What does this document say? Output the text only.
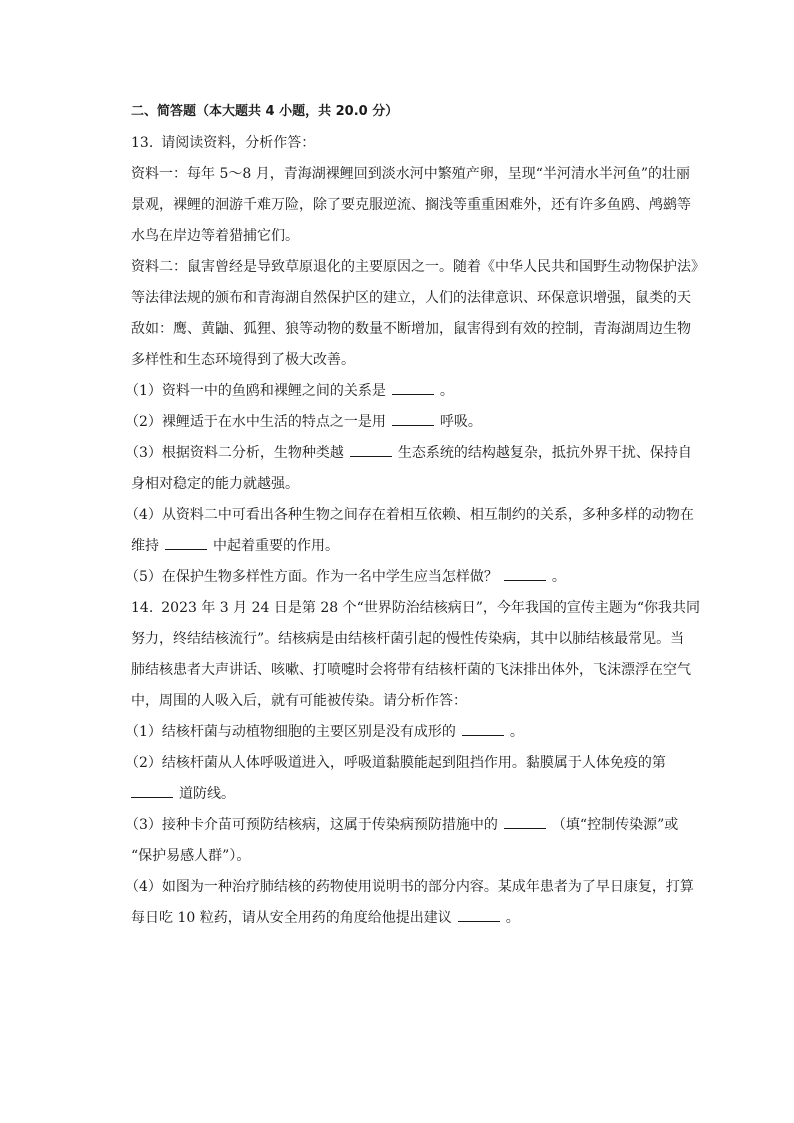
二、简答题（本大题共 4 小题，共 20.0 分）
13. 请阅读资料，分析作答：
资料一：每年 5～8 月，青海湖裸鲤回到淡水河中繁殖产卵，呈现“半河清水半河鱼”的壮丽
景观，裸鲤的洄游千难万险，除了要克服逆流、搁浅等重重困难外，还有许多鱼鸥、鸬鹚等
水鸟在岸边等着猎捕它们。
资料二：鼠害曾经是导致草原退化的主要原因之一。随着《中华人民共和国野生动物保护法》
等法律法规的颁布和青海湖自然保护区的建立，人们的法律意识、环保意识增强，鼠类的天
敌如：鹰、黄鼬、狐狸、狼等动物的数量不断增加，鼠害得到有效的控制，青海湖周边生物
多样性和生态环境得到了极大改善。
（1）资料一中的鱼鸥和裸鲤之间的关系是	。
（2）裸鲤适于在水中生活的特点之一是用	呼吸。
（3）根据资料二分析，生物种类越	生态系统的结构越复杂，抵抗外界干扰、保持自
身相对稳定的能力就越强。
（4）从资料二中可看出各种生物之间存在着相互依赖、相互制约的关系，多种多样的动物在
维持	中起着重要的作用。
（5）在保护生物多样性方面。作为一名中学生应当怎样做？	。
14. 2023 年 3 月 24 日是第 28 个“世界防治结核病日”，今年我国的宣传主题为“你我共同
努力，终结结核流行”。结核病是由结核杆菌引起的慢性传染病，其中以肺结核最常见。当
肺结核患者大声讲话、咳嗽、打喷嚏时会将带有结核杆菌的飞沫排出体外，飞沫漂浮在空气
中，周围的人吸入后，就有可能被传染。请分析作答：
（1）结核杆菌与动植物细胞的主要区别是没有成形的	。
（2）结核杆菌从人体呼吸道进入，呼吸道黏膜能起到阻挡作用。黏膜属于人体免疫的第
道防线。
（3）接种卡介苗可预防结核病，这属于传染病预防措施中的	（填“控制传染源”或
“保护易感人群”）。
（4）如图为一种治疗肺结核的药物使用说明书的部分内容。某成年患者为了早日康复，打算
每日吃 10 粒药，请从安全用药的角度给他提出建议	。
